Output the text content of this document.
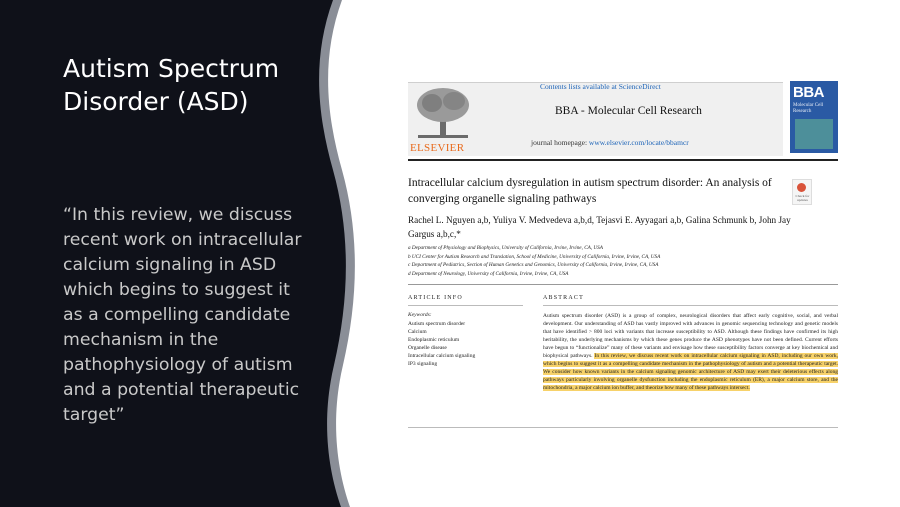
Autism Spectrum Disorder (ASD)
“In this review, we discuss recent work on intracellular calcium signaling in ASD which begins to suggest it as a compelling candidate mechanism in the pathophysiology of autism and a potential therapeutic target”
ELSEVIER
Contents lists available at ScienceDirect
BBA - Molecular Cell Research
journal homepage: www.elsevier.com/locate/bbamcr
BBA
Molecular Cell Research
Intracellular calcium dysregulation in autism spectrum disorder: An analysis of converging organelle signaling pathways	Check for updates
Rachel L. Nguyen a,b, Yuliya V. Medvedeva a,b,d, Tejasvi E. Ayyagari a,b, Galina Schmunk b, John Jay Gargus a,b,c,*
a Department of Physiology and Biophysics, University of California, Irvine, Irvine, CA, USA
b UCI Center for Autism Research and Translation, School of Medicine, University of California, Irvine, Irvine, CA, USA
c Department of Pediatrics, Section of Human Genetics and Genomics, University of California, Irvine, Irvine, CA, USA
d Department of Neurology, University of California, Irvine, Irvine, CA, USA
ARTICLE INFO	ABSTRACT
Keywords:
Autism spectrum disorder
Calcium
Endoplasmic reticulum
Organelle disease
Intracellular calcium signaling
IP3 signaling
Autism spectrum disorder (ASD) is a group of complex, neurological disorders that affect early cognitive, social, and verbal development. Our understanding of ASD has vastly improved with advances in genomic sequencing technology and genetic models that have identified > 800 loci with variants that increase susceptibility to ASD. Although these findings have confirmed its high heritability, the underlying mechanisms by which these genes produce the ASD phenotypes have not been defined. Current efforts have begun to “functionalize” many of these variants and envisage how these susceptibility factors converge at key biochemical and biophysical pathways. In this review, we discuss recent work on intracellular calcium signaling in ASD, including our own work, which begins to suggest it as a compelling candidate mechanism in the pathophysiology of autism and a potential therapeutic target. We consider how known variants in the calcium signaling genomic architecture of ASD may exert their deleterious effects along pathways particularly involving organelle dysfunction including the endoplasmic reticulum (ER), a major calcium store, and the mitochondria, a major calcium ion buffer, and theorize how many of these pathways intersect.
